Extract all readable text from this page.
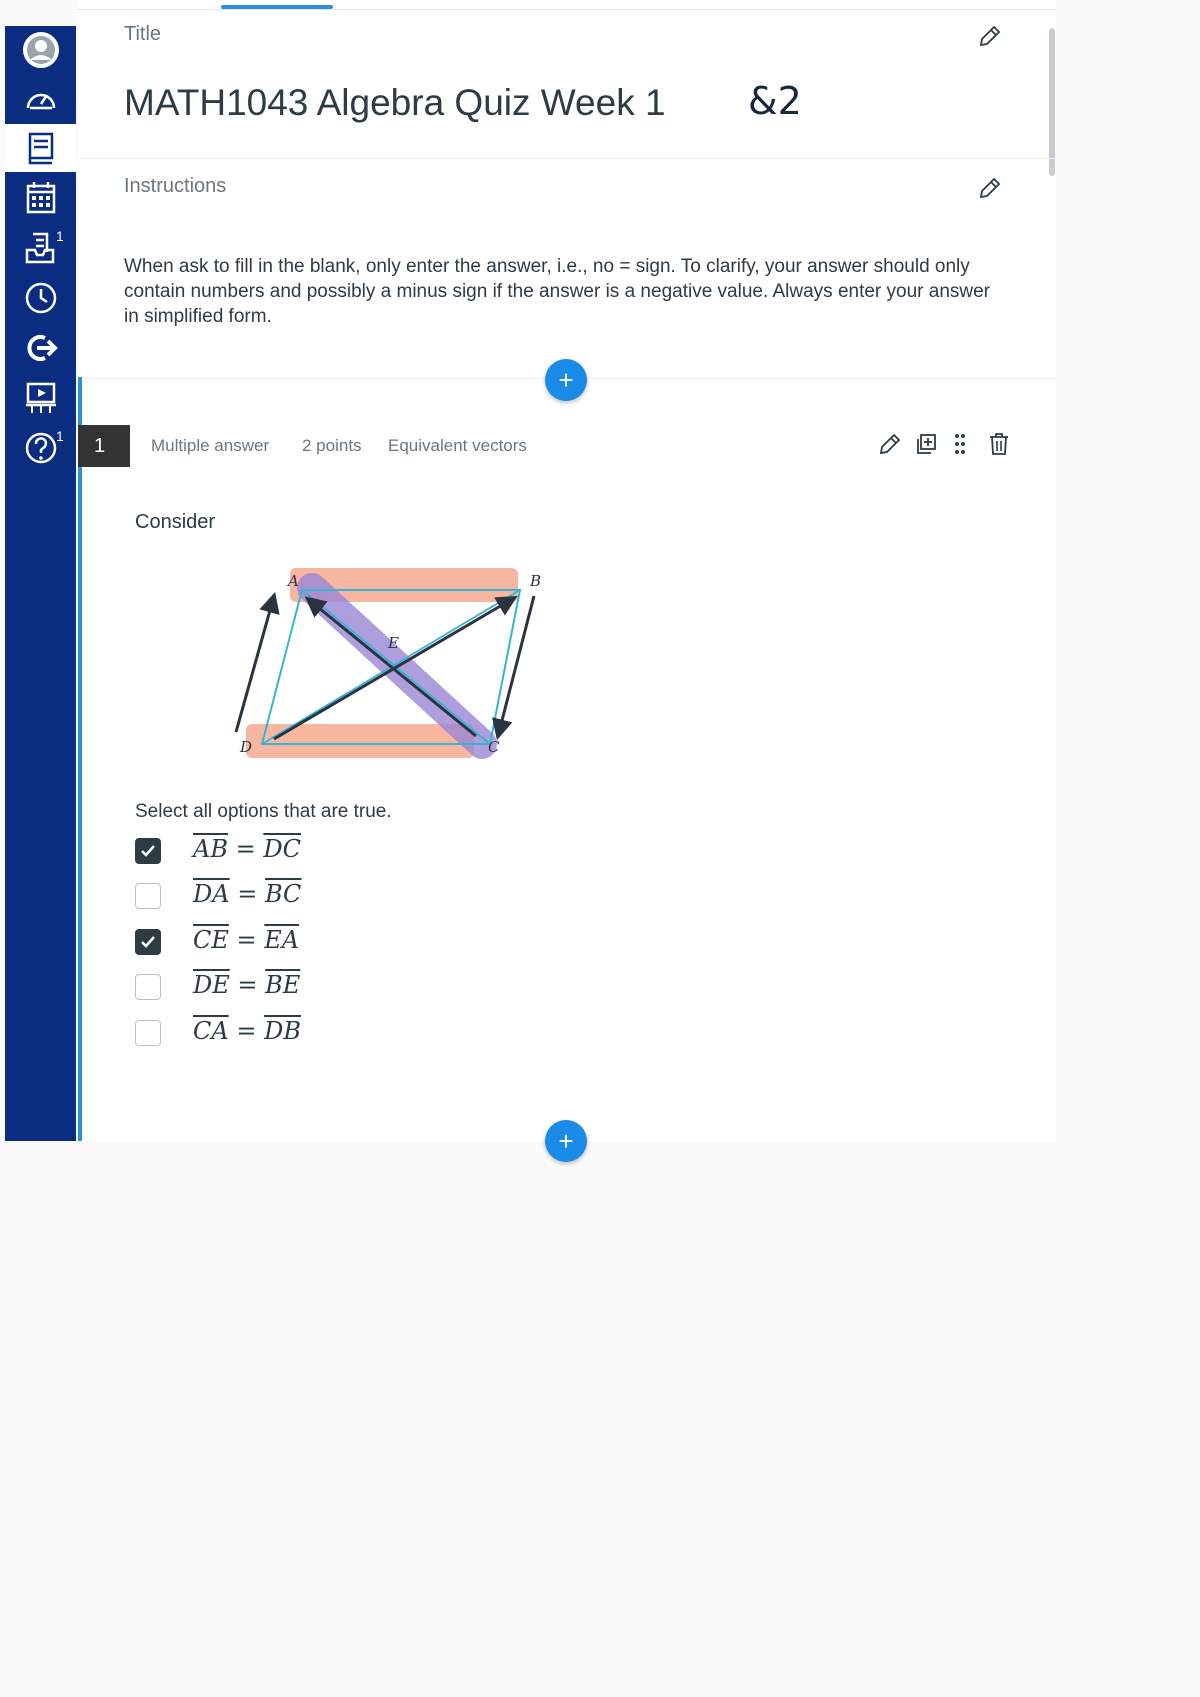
1
1
Title
MATH1043 Algebra Quiz Week 1 &2
Instructions
When ask to fill in the blank, only enter the answer, i.e., no = sign. To clarify, your answer should only contain numbers and possibly a minus sign if the answer is a negative value. Always enter your answer in simplified form.
+
1	Multiple answer 2 points Equivalent vectors
Consider
A	B
E
D	C
Select all options that are true.
$\overline{AB} = \overline{DC}$
$\overline{DA} = \overline{BC}$
$\overline{CE} = \overline{EA}$
$\overline{DE} = \overline{BE}$
$\overline{CA} = \overline{DB}$
+
